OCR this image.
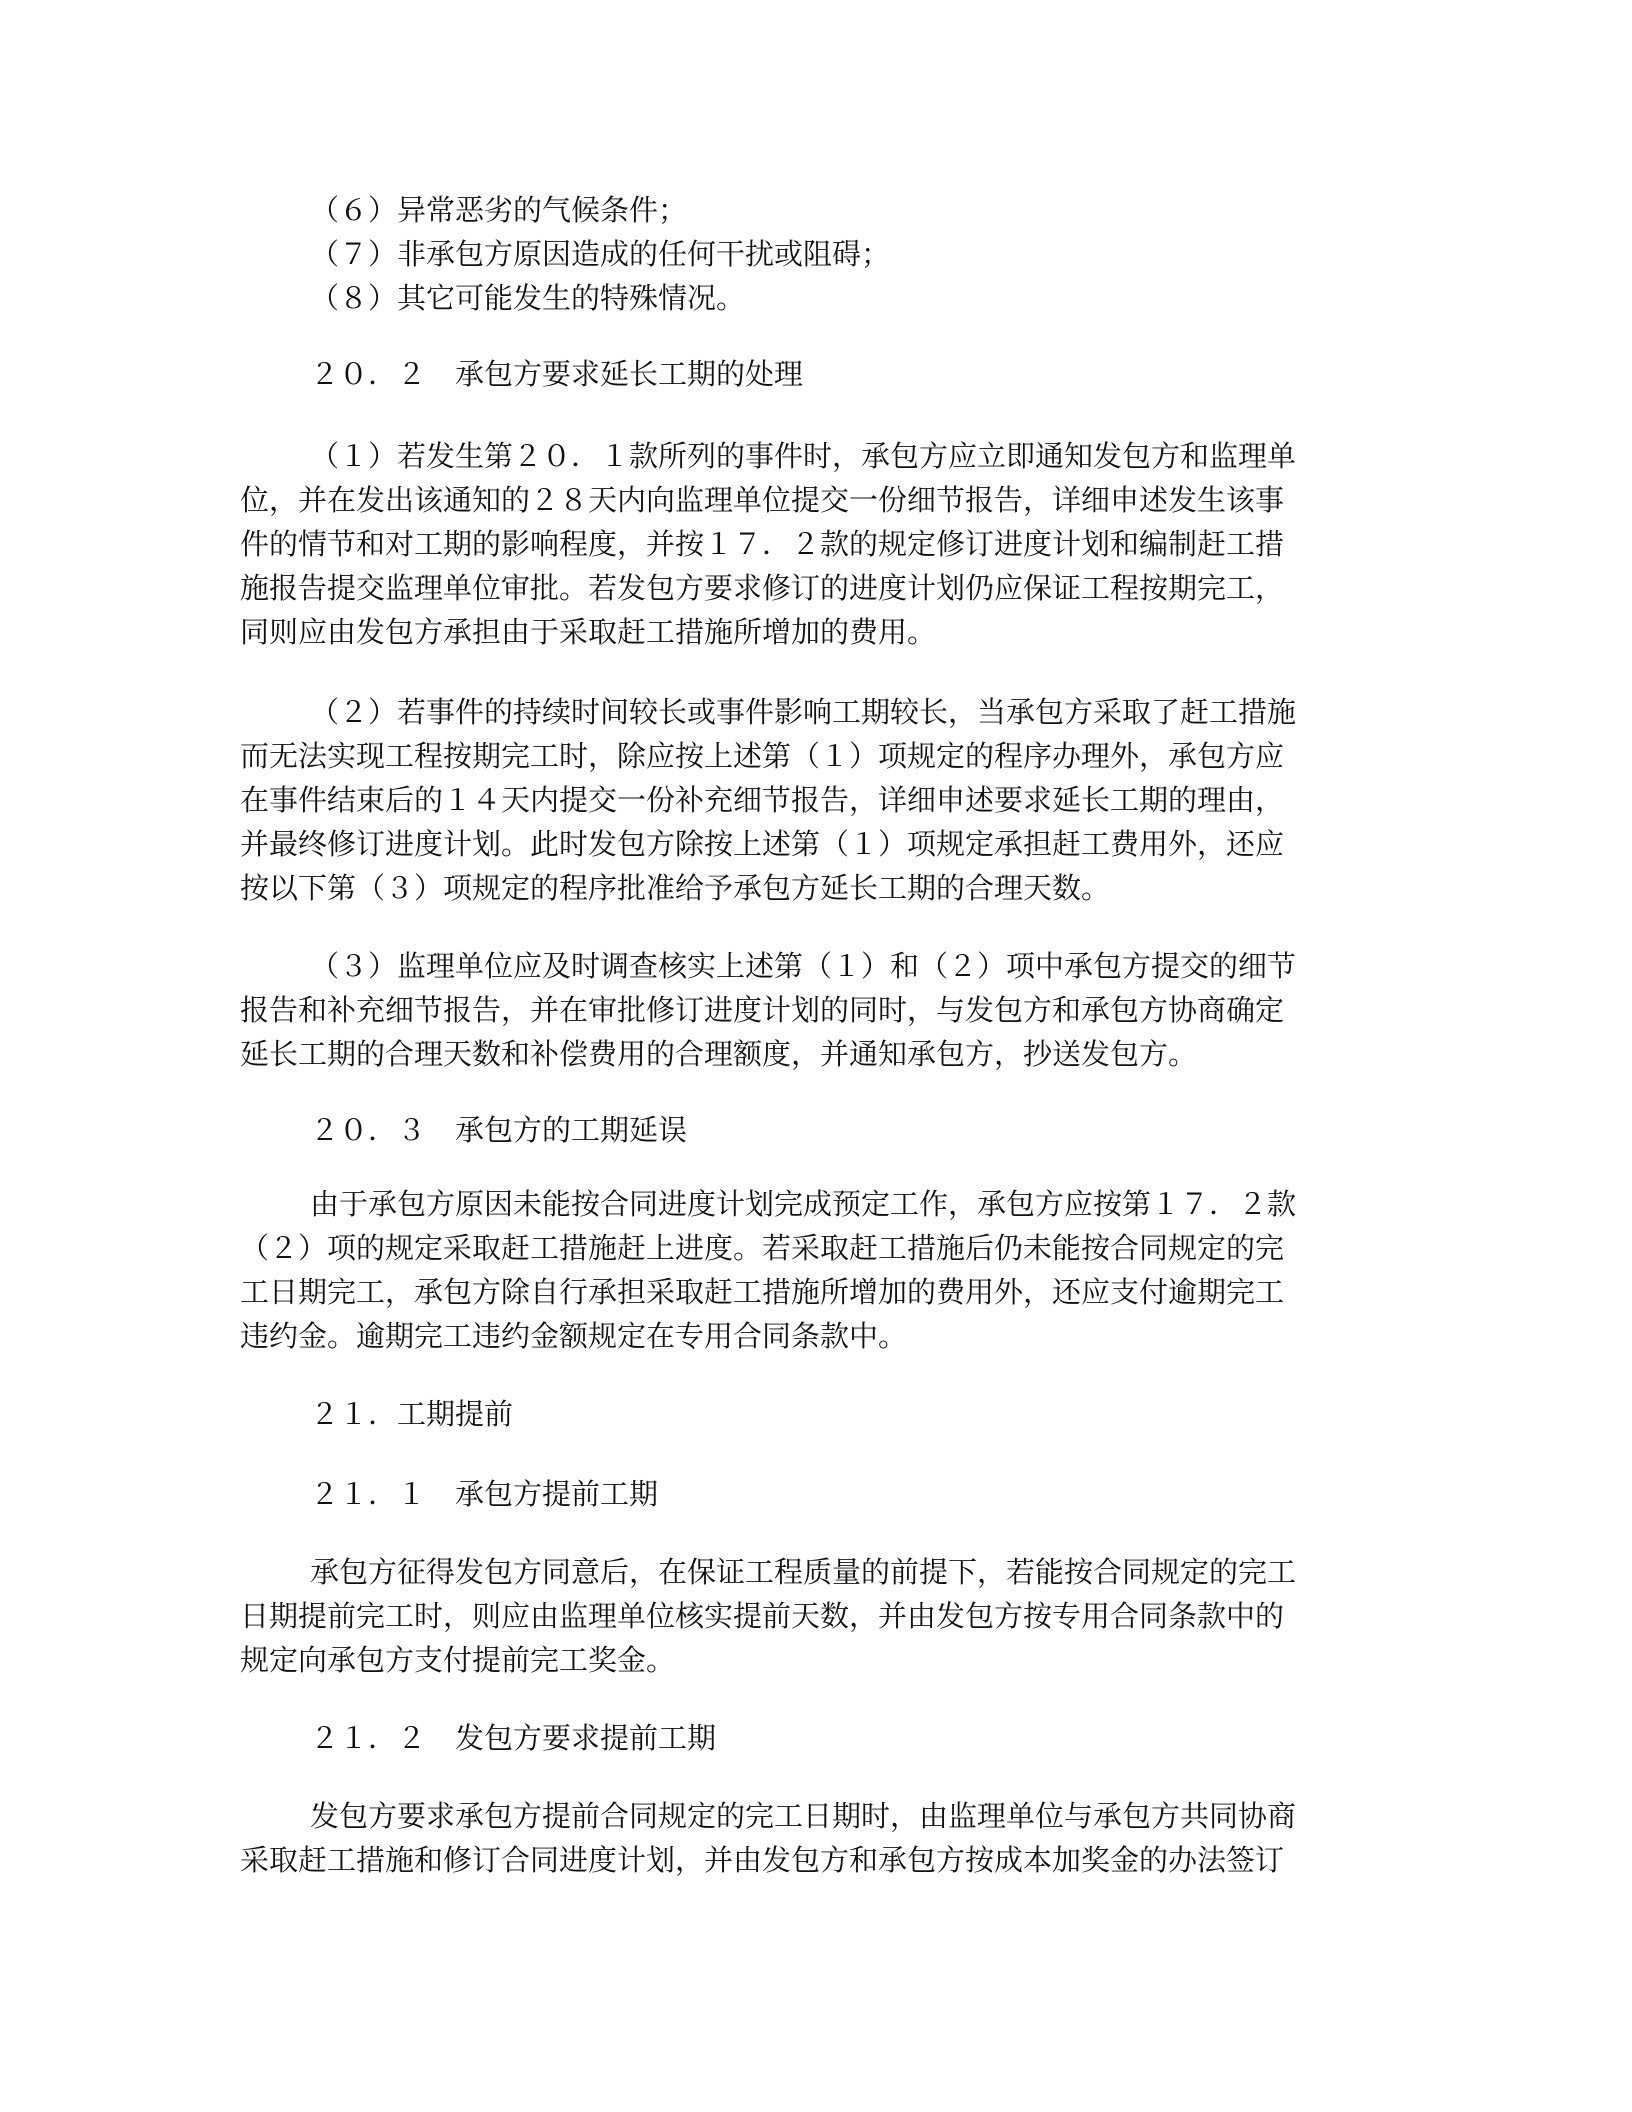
（６）异常恶劣的气候条件；
（７）非承包方原因造成的任何干扰或阻碍；
（８）其它可能发生的特殊情况。
２０．２　承包方要求延长工期的处理
（１）若发生第２０．１款所列的事件时，承包方应立即通知发包方和监理单
位，并在发出该通知的２８天内向监理单位提交一份细节报告，详细申述发生该事
件的情节和对工期的影响程度，并按１７．２款的规定修订进度计划和编制赶工措
施报告提交监理单位审批。若发包方要求修订的进度计划仍应保证工程按期完工，
同则应由发包方承担由于采取赶工措施所增加的费用。
（２）若事件的持续时间较长或事件影响工期较长，当承包方采取了赶工措施
而无法实现工程按期完工时，除应按上述第（１）项规定的程序办理外，承包方应
在事件结束后的１４天内提交一份补充细节报告，详细申述要求延长工期的理由，
并最终修订进度计划。此时发包方除按上述第（１）项规定承担赶工费用外，还应
按以下第（３）项规定的程序批准给予承包方延长工期的合理天数。
（３）监理单位应及时调查核实上述第（１）和（２）项中承包方提交的细节
报告和补充细节报告，并在审批修订进度计划的同时，与发包方和承包方协商确定
延长工期的合理天数和补偿费用的合理额度，并通知承包方，抄送发包方。
２０．３　承包方的工期延误
由于承包方原因未能按合同进度计划完成预定工作，承包方应按第１７．２款
（２）项的规定采取赶工措施赶上进度。若采取赶工措施后仍未能按合同规定的完
工日期完工，承包方除自行承担采取赶工措施所增加的费用外，还应支付逾期完工
违约金。逾期完工违约金额规定在专用合同条款中。
２１．工期提前
２１．１　承包方提前工期
承包方征得发包方同意后，在保证工程质量的前提下，若能按合同规定的完工
日期提前完工时，则应由监理单位核实提前天数，并由发包方按专用合同条款中的
规定向承包方支付提前完工奖金。
２１．２　发包方要求提前工期
发包方要求承包方提前合同规定的完工日期时，由监理单位与承包方共同协商
采取赶工措施和修订合同进度计划，并由发包方和承包方按成本加奖金的办法签订
